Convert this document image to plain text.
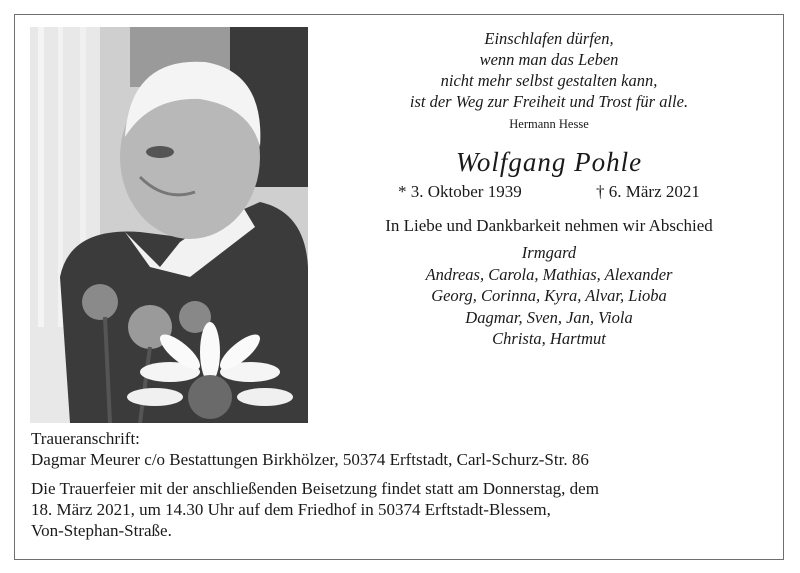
Einschlafen dürfen,
wenn man das Leben
nicht mehr selbst gestalten kann,
ist der Weg zur Freiheit und Trost für alle.
Hermann Hesse
Wolfgang Pohle
* 3. Oktober 1939	† 6. März 2021
In Liebe und Dankbarkeit nehmen wir Abschied
Irmgard
Andreas, Carola, Mathias, Alexander
Georg, Corinna, Kyra, Alvar, Lioba
Dagmar, Sven, Jan, Viola
Christa, Hartmut
Traueranschrift:
Dagmar Meurer c/o Bestattungen Birkhölzer, 50374 Erftstadt, Carl-Schurz-Str. 86
Die Trauerfeier mit der anschließenden Beisetzung findet statt am Donnerstag, dem
18. März 2021, um 14.30 Uhr auf dem Friedhof in 50374 Erftstadt-Blessem,
Von-Stephan-Straße.
